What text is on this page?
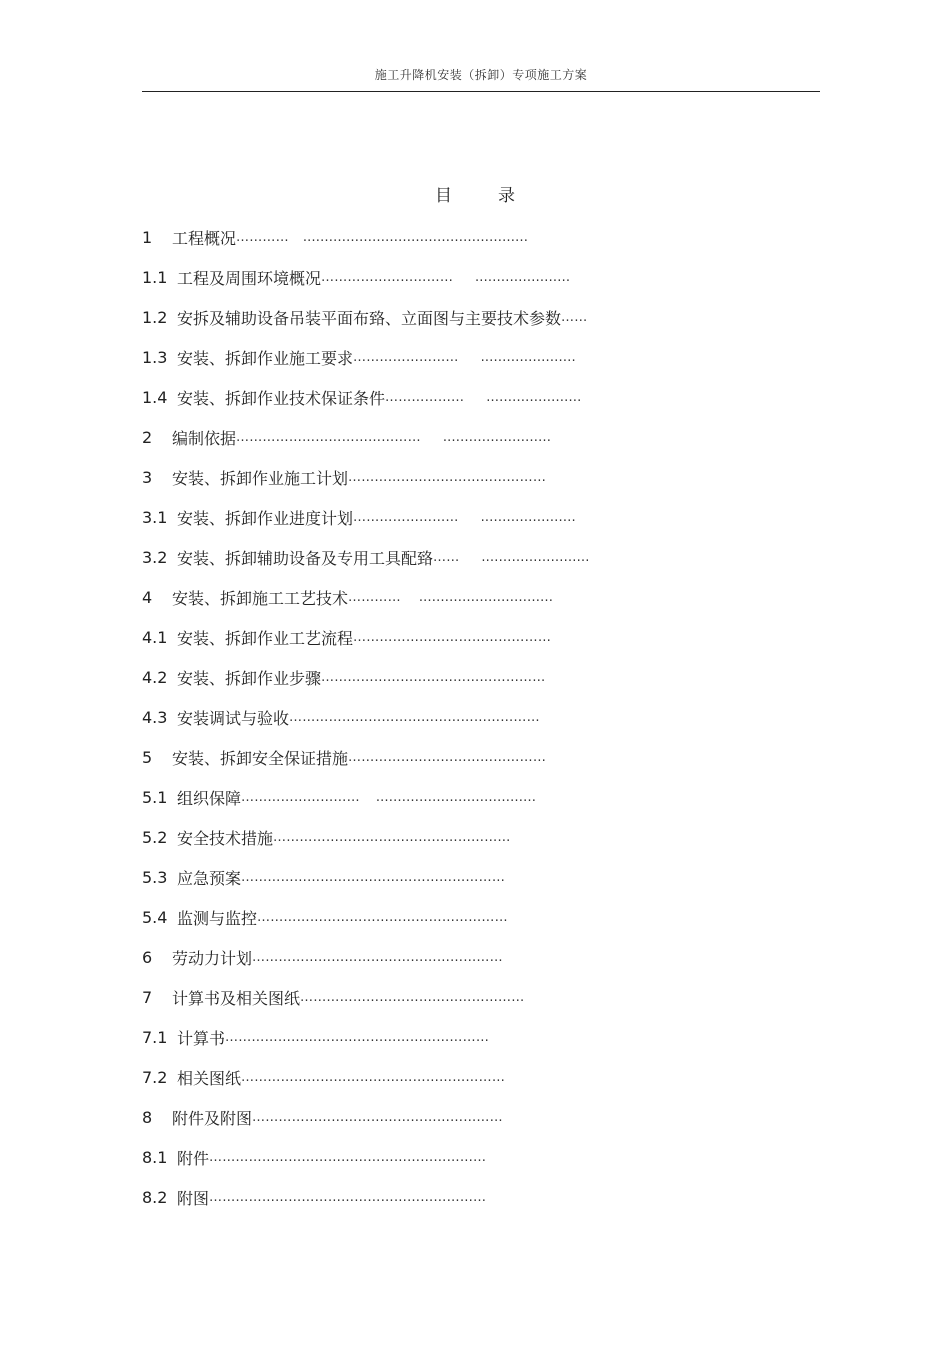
施工升降机安装（拆卸）专项施工方案
目	录
1	工程概况 ………… .……………………………………………
1.1 工程及周围环境概况 ………………………… .…………………
1.2 安拆及辅助设备吊装平面布臵、立面图与主要技术参数 ……
1.3 安装、拆卸作业施工要求 …………………… .…………………
1.4 安装、拆卸作业技术保证条件 ……………… .…………………
2	编制依据 …………………………………… .……………………
3	安装、拆卸作业施工计划 ………………………………………
3.1 安装、拆卸作业进度计划 …………………… .…………………
3.2 安装、拆卸辅助设备及专用工具配臵 …… .……………………
4	安装、拆卸施工工艺技术 ………… .…………………………
4.1 安装、拆卸作业工艺流程 ………………………………………
4.2 安装、拆卸作业步骤 ……………………………………………
4.3 安装调试与验收 …………………………………………………
5	安装、拆卸安全保证措施 ………………………………………
5.1 组织保障 ……………………… .………………………………
5.2 安全技术措施 ………………………………………………
5.3 应急预案 ……………………………………………………
5.4 监测与监控 …………………………………………………
6	劳动力计划 …………………………………………………
7	计算书及相关图纸 ……………………………………………
7.1 计算书 ……………………………………………………
7.2 相关图纸 ……………………………………………………
8	附件及附图 …………………………………………………
8.1 附件 ………………………………………………………
8.2 附图 ………………………………………………………
